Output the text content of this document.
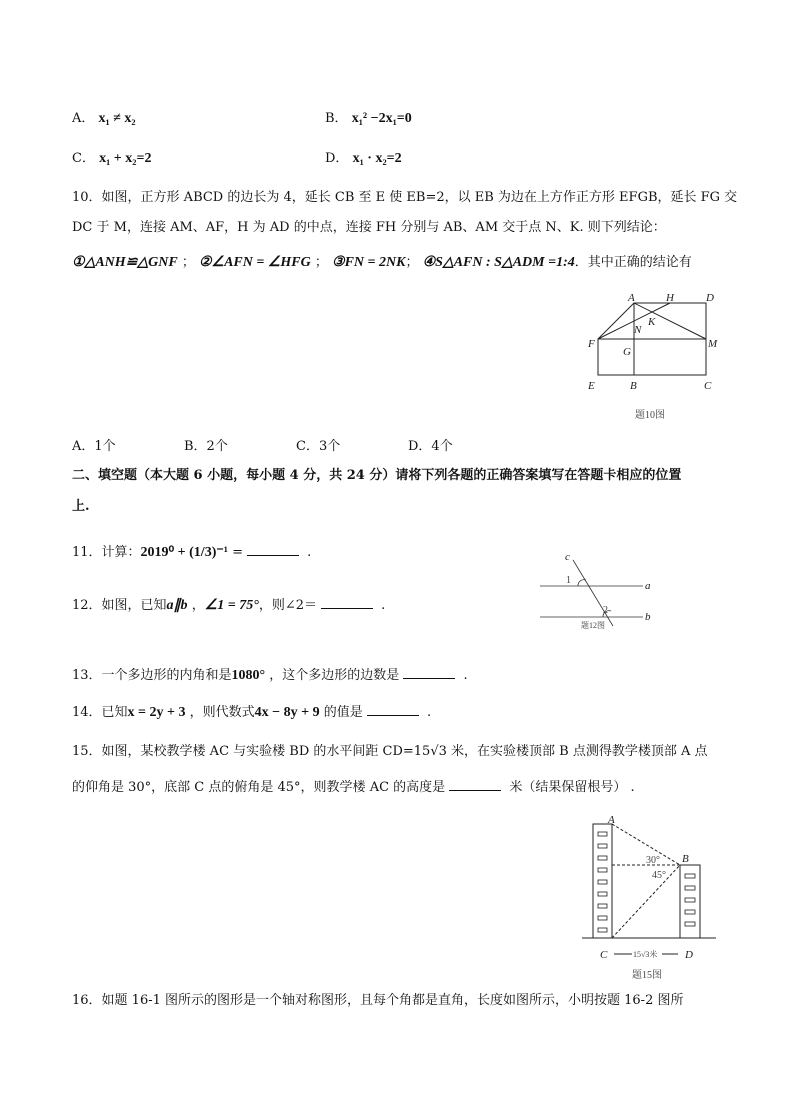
A． x₁ ≠ x₂	B． x₁² −2x₁=0
C． x₁ + x₂=2	D． x₁ · x₂=2
10．如图，正方形 ABCD 的边长为 4，延长 CB 至 E 使 EB=2，以 EB 为边在上方作正方形 EFGB，延长 FG 交
DC 于 M，连接 AM、AF，H 为 AD 的中点，连接 FH 分别与 AB、AM 交于点 N、K. 则下列结论：
①△ANH≌△GNF ； ②∠AFN = ∠HFG ； ③FN = 2NK； ④S△AFN : S△ADM =1:4．其中正确的结论有
A	H	D
K
N
F
G
M
E	B	C
题10图
A．1个	B．2个	C．3个	D．4个
二、填空题（本大题 6 小题，每小题 4 分，共 24 分）请将下列各题的正确答案填写在答题卡相应的位置
上.
11．计算：2019⁰ + (1/3)⁻¹ =	.
12．如图，已知a∥b ，∠1 = 75°，则∠2＝	.
c
a
b
1
2
题12图
13．一个多边形的内角和是1080° ，这个多边形的边数是	.
14．已知x = 2y + 3 ，则代数式4x − 8y + 9 的值是	.
15．如图，某校教学楼 AC 与实验楼 BD 的水平间距 CD=15√3 米，在实验楼顶部 B 点测得教学楼顶部 A 点
的仰角是 30°，底部 C 点的俯角是 45°，则教学楼 AC 的高度是	米（结果保留根号） .
A
B
C	D
30°
45°
15√3米
题15图
16．如题 16-1 图所示的图形是一个轴对称图形，且每个角都是直角，长度如图所示，小明按题 16-2 图所
